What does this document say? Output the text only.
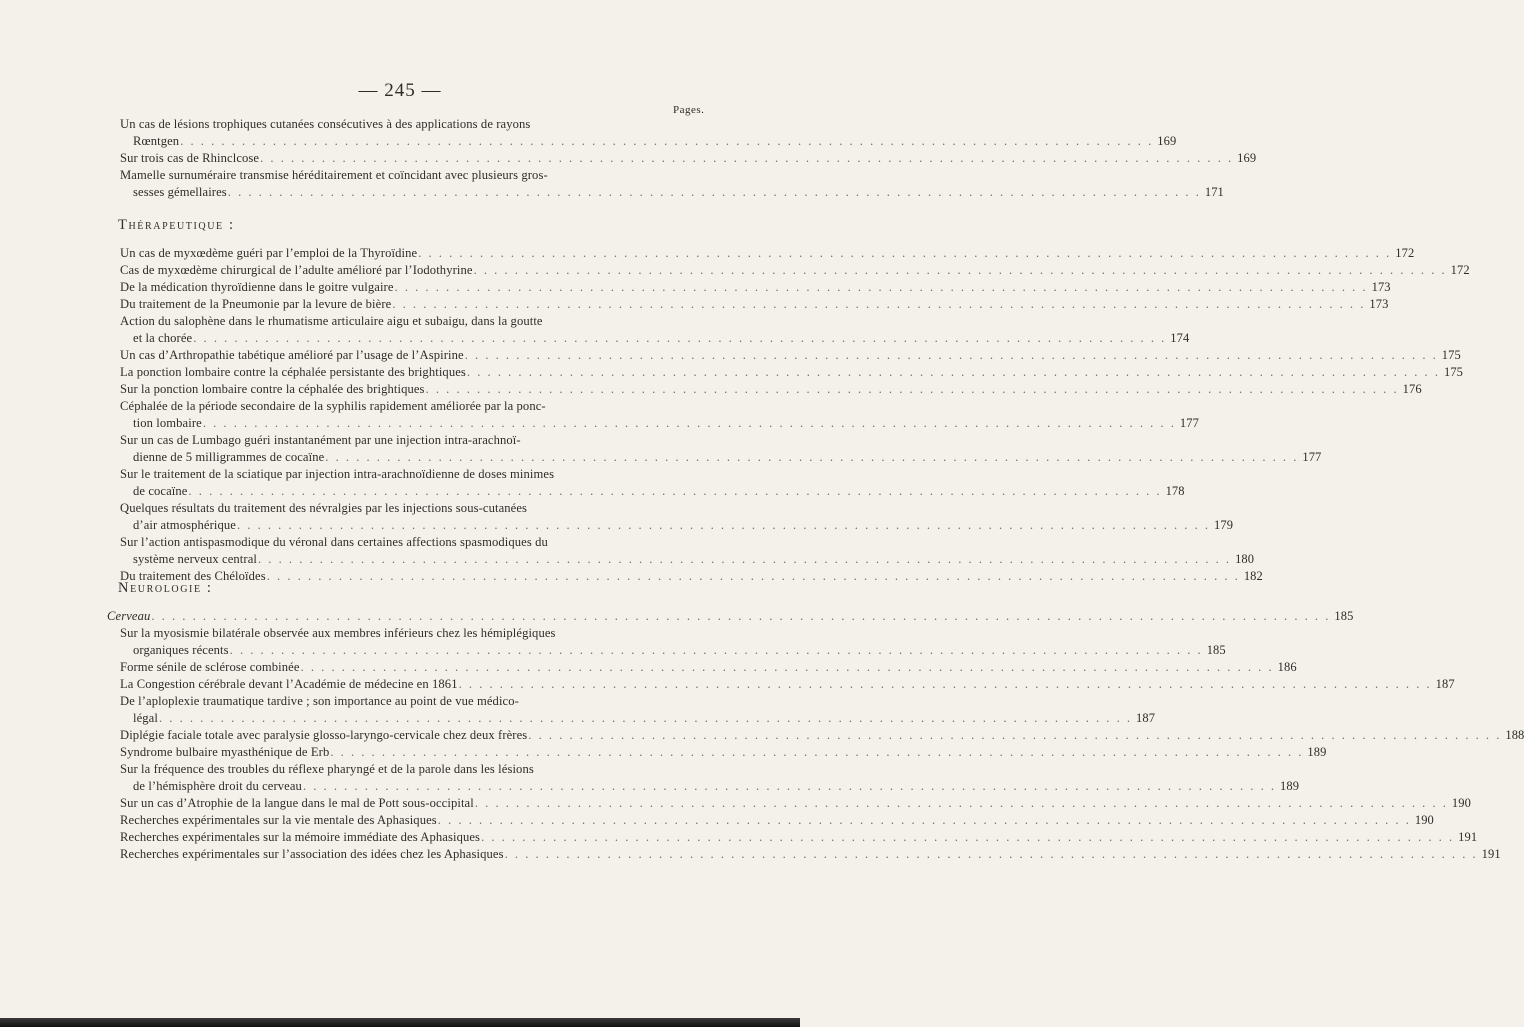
— 245 —
Pages.
Un cas de lésions trophiques cutanées consécutives à des applications de rayons
Rœntgen . . . . . . . . . . . . . . . . . . . . . . . . . . . . . . . . . . . . . . . . . . . . . . . . . . . . . . . . . . . . . . . . . . . . . . . . . . . . . . . . . . . . . . . . . . . . . . . 169
Sur trois cas de Rhinclcose . . . . . . . . . . . . . . . . . . . . . . . . . . . . . . . . . . . . . . . . . . . . . . . . . . . . . . . . . . . . . . . . . . . . . . . . . . . . . . . . . . . . . . . . . . . . . . . 169
Mamelle surnuméraire transmise héréditairement et coïncidant avec plusieurs gros-
sesses gémellaires . . . . . . . . . . . . . . . . . . . . . . . . . . . . . . . . . . . . . . . . . . . . . . . . . . . . . . . . . . . . . . . . . . . . . . . . . . . . . . . . . . . . . . . . . . . . . . . 171
Thérapeutique :
Un cas de myxœdème guéri par l’emploi de la Thyroïdine . . . . . . . . . . . . . . . . . . . . . . . . . . . . . . . . . . . . . . . . . . . . . . . . . . . . . . . . . . . . . . . . . . . . . . . . . . . . . . . . . . . . . . . . . . . . . . . 172
Cas de myxœdème chirurgical de l’adulte amélioré par l’Iodothyrine . . . . . . . . . . . . . . . . . . . . . . . . . . . . . . . . . . . . . . . . . . . . . . . . . . . . . . . . . . . . . . . . . . . . . . . . . . . . . . . . . . . . . . . . . . . . . . . 172
De la médication thyroïdienne dans le goitre vulgaire . . . . . . . . . . . . . . . . . . . . . . . . . . . . . . . . . . . . . . . . . . . . . . . . . . . . . . . . . . . . . . . . . . . . . . . . . . . . . . . . . . . . . . . . . . . . . . . 173
Du traitement de la Pneumonie par la levure de bière . . . . . . . . . . . . . . . . . . . . . . . . . . . . . . . . . . . . . . . . . . . . . . . . . . . . . . . . . . . . . . . . . . . . . . . . . . . . . . . . . . . . . . . . . . . . . . . 173
Action du salophène dans le rhumatisme articulaire aigu et subaigu, dans la goutte
et la chorée . . . . . . . . . . . . . . . . . . . . . . . . . . . . . . . . . . . . . . . . . . . . . . . . . . . . . . . . . . . . . . . . . . . . . . . . . . . . . . . . . . . . . . . . . . . . . . . 174
Un cas d’Arthropathie tabétique amélioré par l’usage de l’Aspirine . . . . . . . . . . . . . . . . . . . . . . . . . . . . . . . . . . . . . . . . . . . . . . . . . . . . . . . . . . . . . . . . . . . . . . . . . . . . . . . . . . . . . . . . . . . . . . . 175
La ponction lombaire contre la céphalée persistante des brightiques . . . . . . . . . . . . . . . . . . . . . . . . . . . . . . . . . . . . . . . . . . . . . . . . . . . . . . . . . . . . . . . . . . . . . . . . . . . . . . . . . . . . . . . . . . . . . . . 175
Sur la ponction lombaire contre la céphalée des brightiques . . . . . . . . . . . . . . . . . . . . . . . . . . . . . . . . . . . . . . . . . . . . . . . . . . . . . . . . . . . . . . . . . . . . . . . . . . . . . . . . . . . . . . . . . . . . . . . 176
Céphalée de la période secondaire de la syphilis rapidement améliorée par la ponc-
tion lombaire . . . . . . . . . . . . . . . . . . . . . . . . . . . . . . . . . . . . . . . . . . . . . . . . . . . . . . . . . . . . . . . . . . . . . . . . . . . . . . . . . . . . . . . . . . . . . . . 177
Sur un cas de Lumbago guéri instantanément par une injection intra-arachnoï-
dienne de 5 milligrammes de cocaïne . . . . . . . . . . . . . . . . . . . . . . . . . . . . . . . . . . . . . . . . . . . . . . . . . . . . . . . . . . . . . . . . . . . . . . . . . . . . . . . . . . . . . . . . . . . . . . . 177
Sur le traitement de la sciatique par injection intra-arachnoïdienne de doses minimes
de cocaïne . . . . . . . . . . . . . . . . . . . . . . . . . . . . . . . . . . . . . . . . . . . . . . . . . . . . . . . . . . . . . . . . . . . . . . . . . . . . . . . . . . . . . . . . . . . . . . . 178
Quelques résultats du traitement des névralgies par les injections sous-cutanées
d’air atmosphérique . . . . . . . . . . . . . . . . . . . . . . . . . . . . . . . . . . . . . . . . . . . . . . . . . . . . . . . . . . . . . . . . . . . . . . . . . . . . . . . . . . . . . . . . . . . . . . . 179
Sur l’action antispasmodique du véronal dans certaines affections spasmodiques du
système nerveux central . . . . . . . . . . . . . . . . . . . . . . . . . . . . . . . . . . . . . . . . . . . . . . . . . . . . . . . . . . . . . . . . . . . . . . . . . . . . . . . . . . . . . . . . . . . . . . . 180
Du traitement des Chéloïdes . . . . . . . . . . . . . . . . . . . . . . . . . . . . . . . . . . . . . . . . . . . . . . . . . . . . . . . . . . . . . . . . . . . . . . . . . . . . . . . . . . . . . . . . . . . . . . . 182
Neurologie :
Cerveau . . . . . . . . . . . . . . . . . . . . . . . . . . . . . . . . . . . . . . . . . . . . . . . . . . . . . . . . . . . . . . . . . . . . . . . . . . . . . . . . . . . . . . . . . . . . . . . . . . . . . . . . . . . . . . . . . . . 185
Sur la myosismie bilatérale observée aux membres inférieurs chez les hémiplégiques
organiques récents . . . . . . . . . . . . . . . . . . . . . . . . . . . . . . . . . . . . . . . . . . . . . . . . . . . . . . . . . . . . . . . . . . . . . . . . . . . . . . . . . . . . . . . . . . . . . . . 185
Forme sénile de sclérose combinée . . . . . . . . . . . . . . . . . . . . . . . . . . . . . . . . . . . . . . . . . . . . . . . . . . . . . . . . . . . . . . . . . . . . . . . . . . . . . . . . . . . . . . . . . . . . . . . 186
La Congestion cérébrale devant l’Académie de médecine en 1861 . . . . . . . . . . . . . . . . . . . . . . . . . . . . . . . . . . . . . . . . . . . . . . . . . . . . . . . . . . . . . . . . . . . . . . . . . . . . . . . . . . . . . . . . . . . . . . . 187
De l’aploplexie traumatique tardive ; son importance au point de vue médico-
légal . . . . . . . . . . . . . . . . . . . . . . . . . . . . . . . . . . . . . . . . . . . . . . . . . . . . . . . . . . . . . . . . . . . . . . . . . . . . . . . . . . . . . . . . . . . . . . . 187
Diplégie faciale totale avec paralysie glosso-laryngo-cervicale chez deux frères . . . . . . . . . . . . . . . . . . . . . . . . . . . . . . . . . . . . . . . . . . . . . . . . . . . . . . . . . . . . . . . . . . . . . . . . . . . . . . . . . . . . . . . . . . . . . . . 188
Syndrome bulbaire myasthénique de Erb . . . . . . . . . . . . . . . . . . . . . . . . . . . . . . . . . . . . . . . . . . . . . . . . . . . . . . . . . . . . . . . . . . . . . . . . . . . . . . . . . . . . . . . . . . . . . . . 189
Sur la fréquence des troubles du réflexe pharyngé et de la parole dans les lésions
de l’hémisphère droit du cerveau . . . . . . . . . . . . . . . . . . . . . . . . . . . . . . . . . . . . . . . . . . . . . . . . . . . . . . . . . . . . . . . . . . . . . . . . . . . . . . . . . . . . . . . . . . . . . . . 189
Sur un cas d’Atrophie de la langue dans le mal de Pott sous-occipital . . . . . . . . . . . . . . . . . . . . . . . . . . . . . . . . . . . . . . . . . . . . . . . . . . . . . . . . . . . . . . . . . . . . . . . . . . . . . . . . . . . . . . . . . . . . . . . 190
Recherches expérimentales sur la vie mentale des Aphasiques . . . . . . . . . . . . . . . . . . . . . . . . . . . . . . . . . . . . . . . . . . . . . . . . . . . . . . . . . . . . . . . . . . . . . . . . . . . . . . . . . . . . . . . . . . . . . . . 190
Recherches expérimentales sur la mémoire immédiate des Aphasiques . . . . . . . . . . . . . . . . . . . . . . . . . . . . . . . . . . . . . . . . . . . . . . . . . . . . . . . . . . . . . . . . . . . . . . . . . . . . . . . . . . . . . . . . . . . . . . . 191
Recherches expérimentales sur l’association des idées chez les Aphasiques . . . . . . . . . . . . . . . . . . . . . . . . . . . . . . . . . . . . . . . . . . . . . . . . . . . . . . . . . . . . . . . . . . . . . . . . . . . . . . . . . . . . . . . . . . . . . . . 191
